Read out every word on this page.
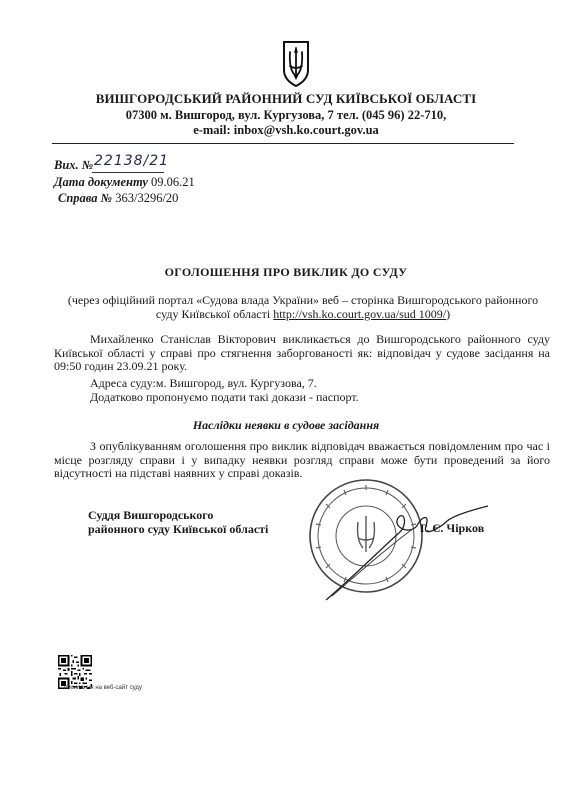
ВИШГОРОДСЬКИЙ РАЙОННИЙ СУД КИЇВСЬКОЇ ОБЛАСТІ
07300 м. Вишгород, вул. Кургузова, 7 тел. (045 96) 22-710,
e-mail: inbox@vsh.ko.court.gov.ua
Вих. № 22138/21
Дата документу 09.06.21
Справа № 363/3296/20
ОГОЛОШЕННЯ ПРО ВИКЛИК ДО СУДУ
(через офіційний портал «Судова влада України» веб – сторінка Вишгородського районного суду Київської області http://vsh.ko.court.gov.ua/sud 1009/)
Михайленко Станіслав Вікторович викликається до Вишгородського районного суду Київської області у справі про стягнення заборгованості як: відповідач у судове засідання на 09:50 годин 23.09.21 року.
Адреса суду:м. Вишгород, вул. Кургузова, 7.
Додатково пропонуємо подати такі докази - паспорт.
Наслідки неявки в судове засідання
З опублікуванням оголошення про виклик відповідач вважається повідомленим про час і місце розгляду справи і у випадку неявки розгляд справи може бути проведений за його відсутності на підставі наявних у справі доказів.
Суддя Вишгородського
районного суду Київської області	Г. Є. Чірков
посилання на веб-сайт суду
